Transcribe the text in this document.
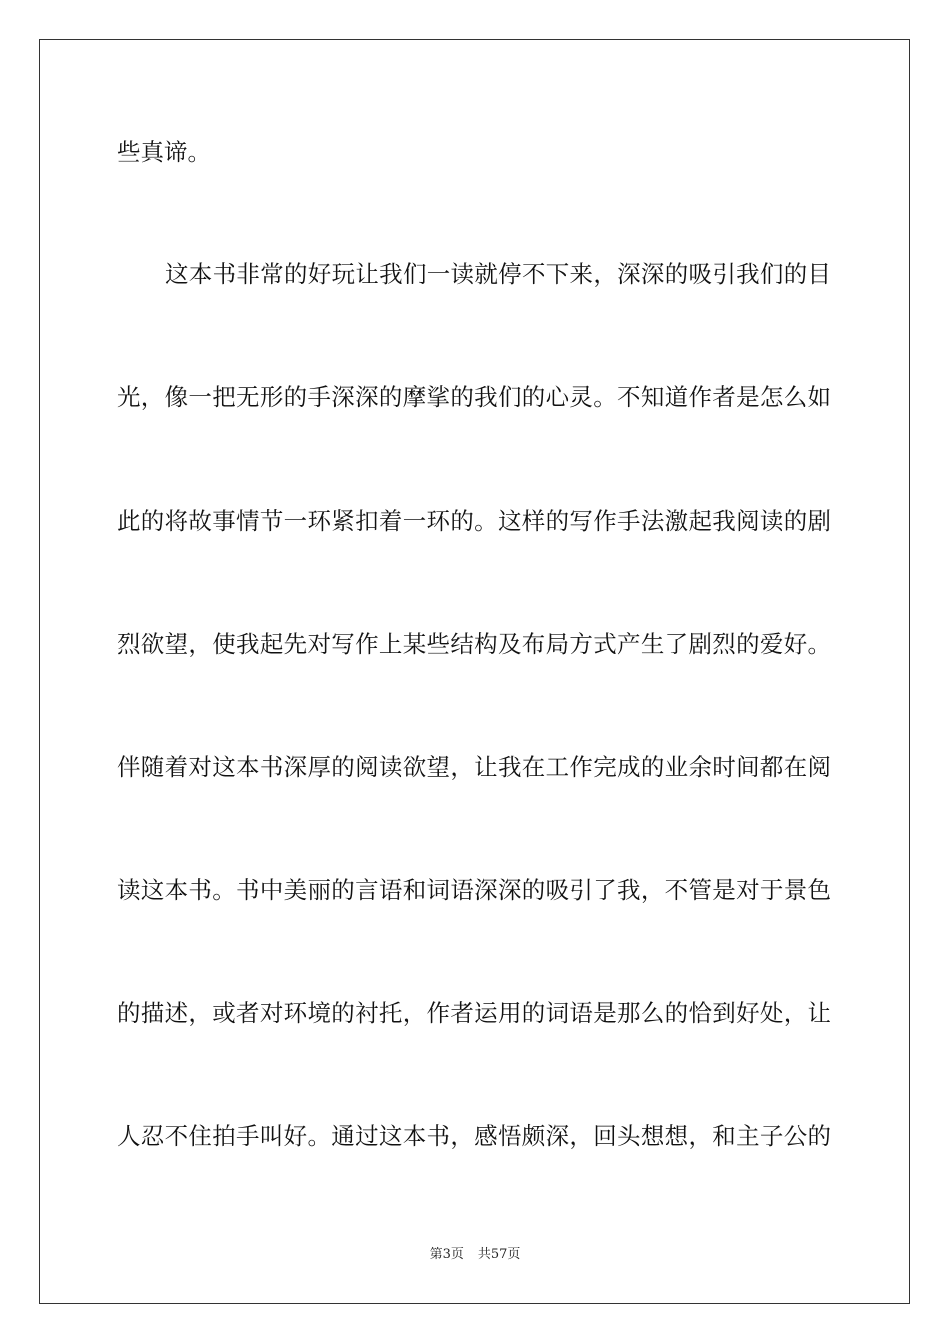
些真谛。
这本书非常的好玩让我们一读就停不下来，深深的吸引我们的目
光，像一把无形的手深深的摩挲的我们的心灵。不知道作者是怎么如
此的将故事情节一环紧扣着一环的。这样的写作手法激起我阅读的剧
烈欲望，使我起先对写作上某些结构及布局方式产生了剧烈的爱好。
伴随着对这本书深厚的阅读欲望，让我在工作完成的业余时间都在阅
读这本书。书中美丽的言语和词语深深的吸引了我，不管是对于景色
的描述，或者对环境的衬托，作者运用的词语是那么的恰到好处，让
人忍不住拍手叫好。通过这本书，感悟颇深，回头想想，和主子公的
第3页 共57页
